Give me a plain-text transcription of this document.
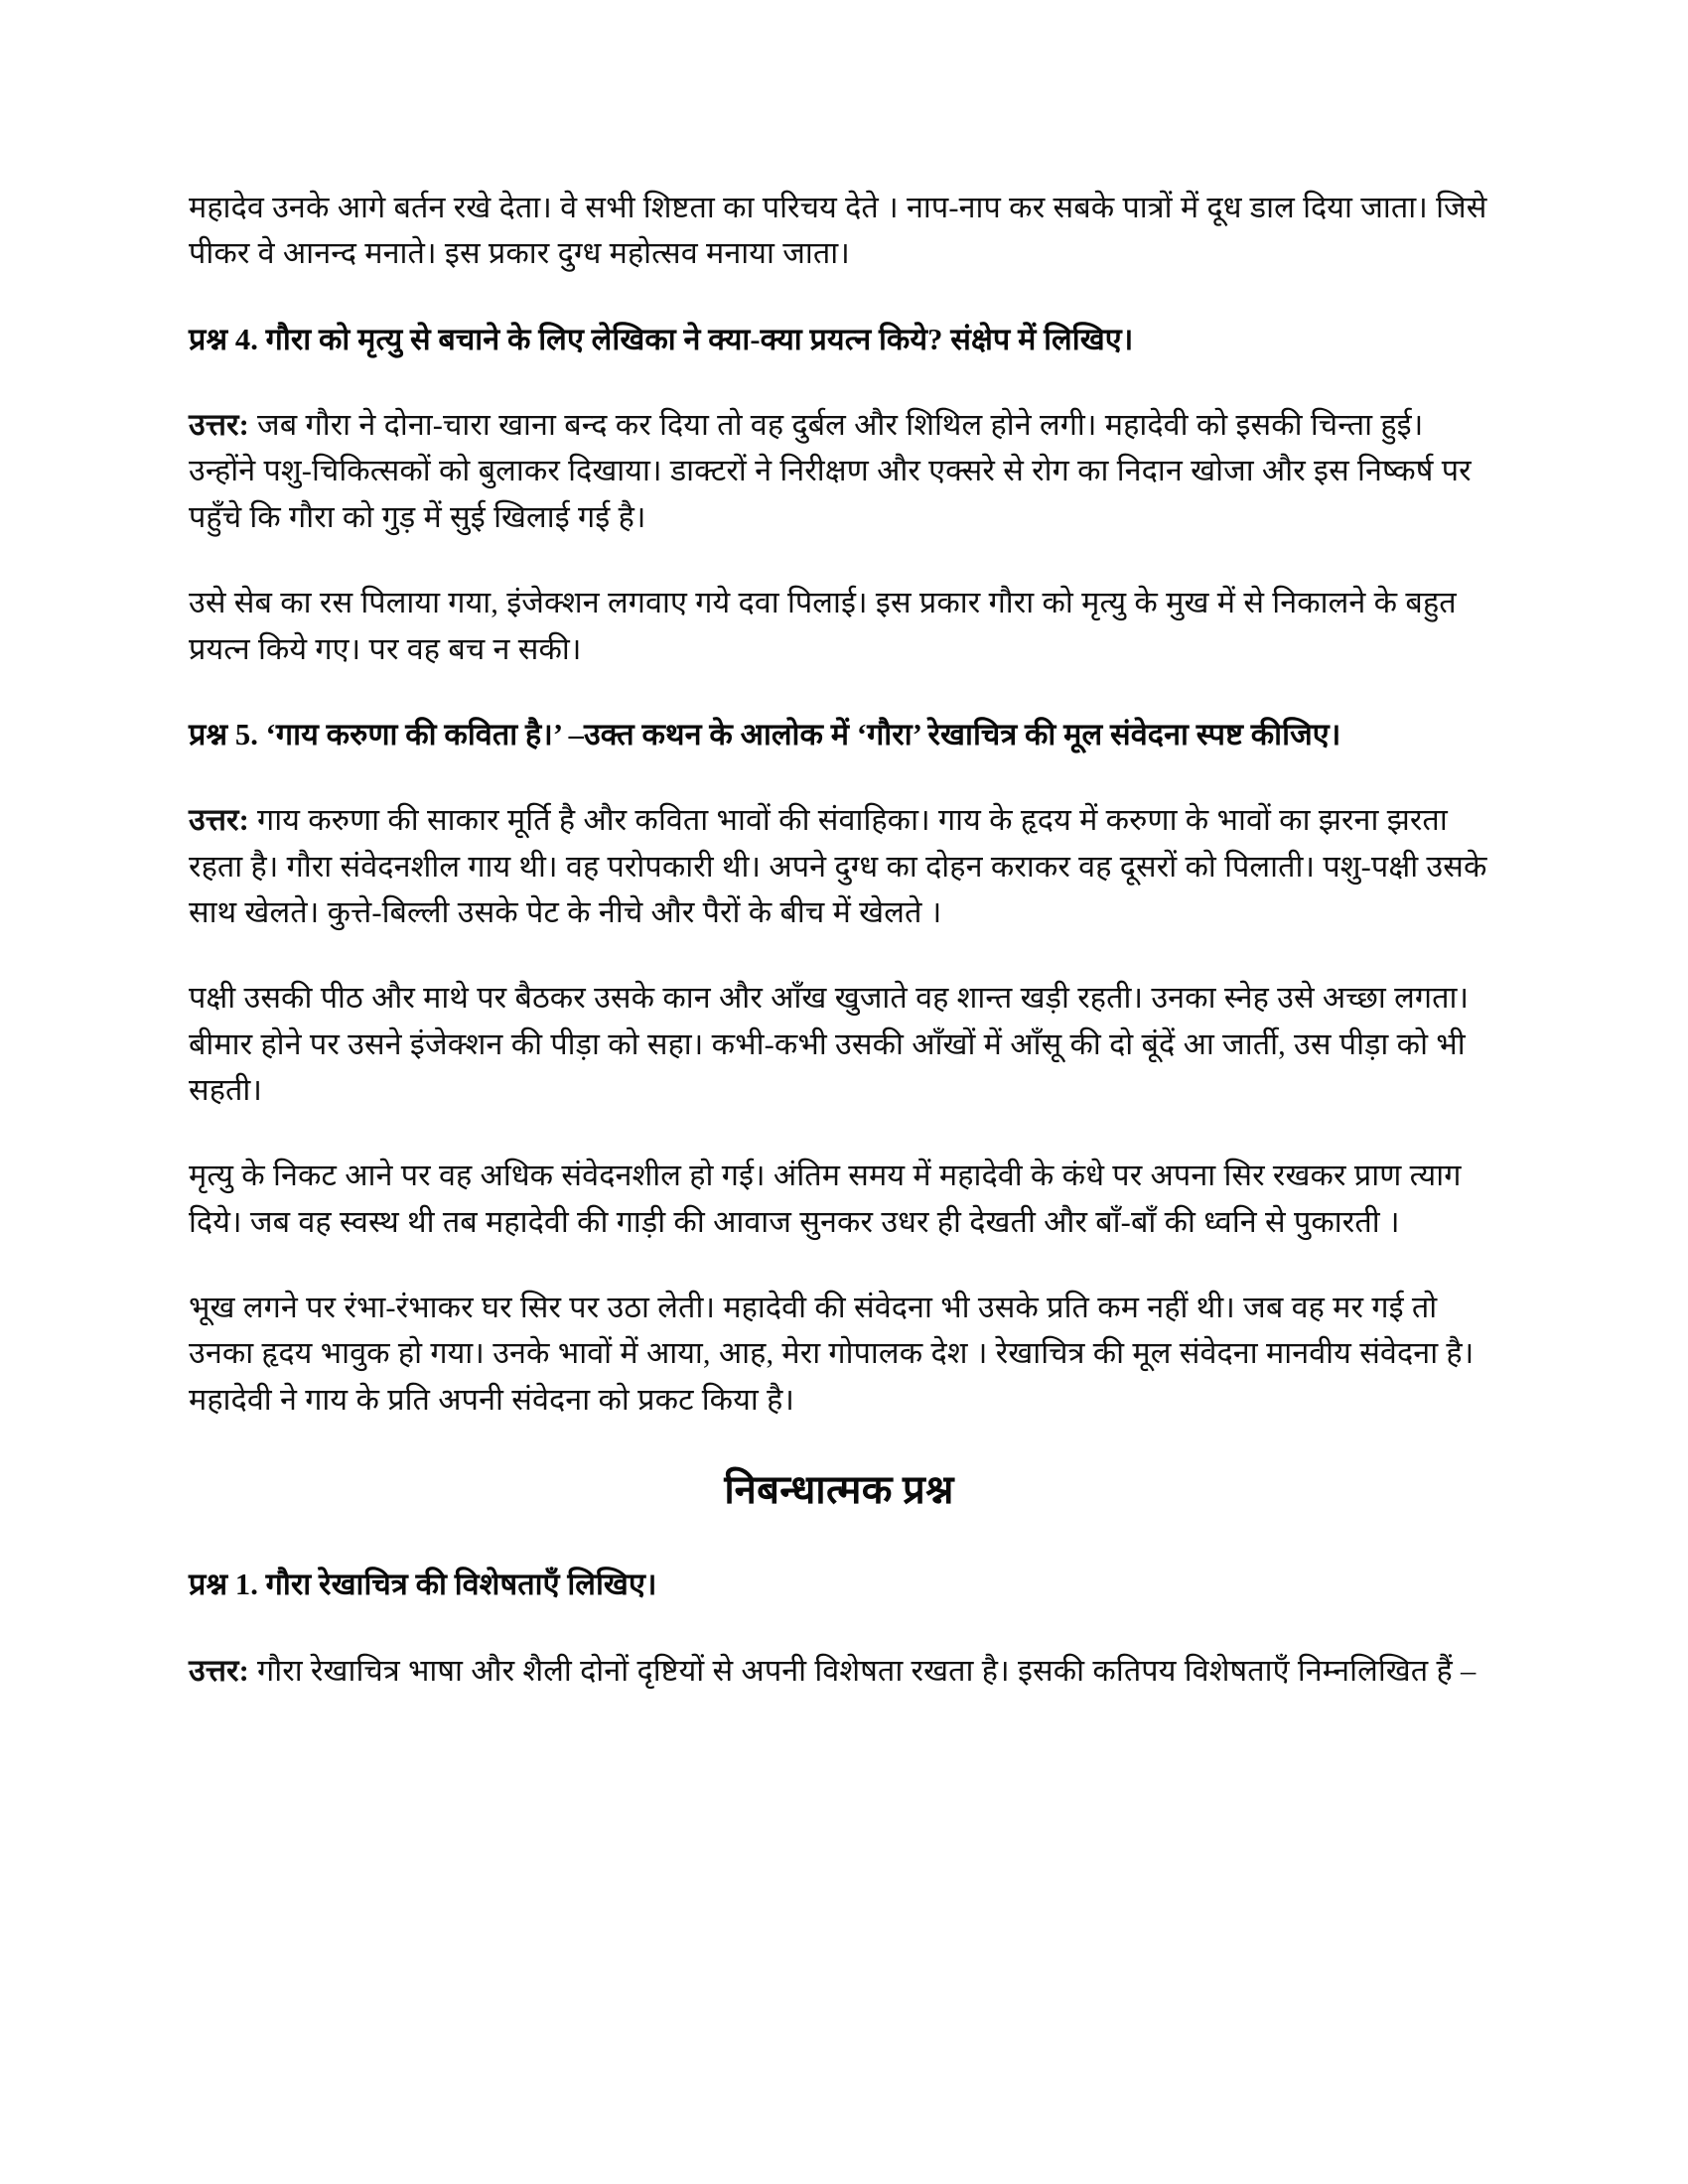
महादेव उनके आगे बर्तन रखे देता। वे सभी शिष्टता का परिचय देते । नाप-नाप कर सबके पात्रों में दूध डाल दिया जाता। जिसे पीकर वे आनन्द मनाते। इस प्रकार दुग्ध महोत्सव मनाया जाता।

प्रश्न 4. गौरा को मृत्यु से बचाने के लिए लेखिका ने क्या-क्या प्रयत्न किये? संक्षेप में लिखिए।

उत्तर: जब गौरा ने दोना-चारा खाना बन्द कर दिया तो वह दुर्बल और शिथिल होने लगी। महादेवी को इसकी चिन्ता हुई। उन्होंने पशु-चिकित्सकों को बुलाकर दिखाया। डाक्टरों ने निरीक्षण और एक्सरे से रोग का निदान खोजा और इस निष्कर्ष पर पहुँचे कि गौरा को गुड़ में सुई खिलाई गई है।

उसे सेब का रस पिलाया गया, इंजेक्शन लगवाए गये दवा पिलाई। इस प्रकार गौरा को मृत्यु के मुख में से निकालने के बहुत प्रयत्न किये गए। पर वह बच न सकी।

प्रश्न 5. ‘गाय करुणा की कविता है।’ –उक्त कथन के आलोक में ‘गौरा’ रेखाचित्र की मूल संवेदना स्पष्ट कीजिए।

उत्तर: गाय करुणा की साकार मूर्ति है और कविता भावों की संवाहिका। गाय के हृदय में करुणा के भावों का झरना झरता रहता है। गौरा संवेदनशील गाय थी। वह परोपकारी थी। अपने दुग्ध का दोहन कराकर वह दूसरों को पिलाती। पशु-पक्षी उसके साथ खेलते। कुत्ते-बिल्ली उसके पेट के नीचे और पैरों के बीच में खेलते ।

पक्षी उसकी पीठ और माथे पर बैठकर उसके कान और आँख खुजाते वह शान्त खड़ी रहती। उनका स्नेह उसे अच्छा लगता। बीमार होने पर उसने इंजेक्शन की पीड़ा को सहा। कभी-कभी उसकी आँखों में आँसू की दो बूंदें आ जार्ती, उस पीड़ा को भी सहती।

मृत्यु के निकट आने पर वह अधिक संवेदनशील हो गई। अंतिम समय में महादेवी के कंधे पर अपना सिर रखकर प्राण त्याग दिये। जब वह स्वस्थ थी तब महादेवी की गाड़ी की आवाज सुनकर उधर ही देखती और बाँ-बाँ की ध्वनि से पुकारती ।

भूख लगने पर रंभा-रंभाकर घर सिर पर उठा लेती। महादेवी की संवेदना भी उसके प्रति कम नहीं थी। जब वह मर गई तो उनका हृदय भावुक हो गया। उनके भावों में आया, आह, मेरा गोपालक देश । रेखाचित्र की मूल संवेदना मानवीय संवेदना है। महादेवी ने गाय के प्रति अपनी संवेदना को प्रकट किया है।

निबन्धात्मक प्रश्न
प्रश्न 1. गौरा रेखाचित्र की विशेषताएँ लिखिए।

उत्तर: गौरा रेखाचित्र भाषा और शैली दोनों दृष्टियों से अपनी विशेषता रखता है। इसकी कतिपय विशेषताएँ निम्नलिखित हैं –
